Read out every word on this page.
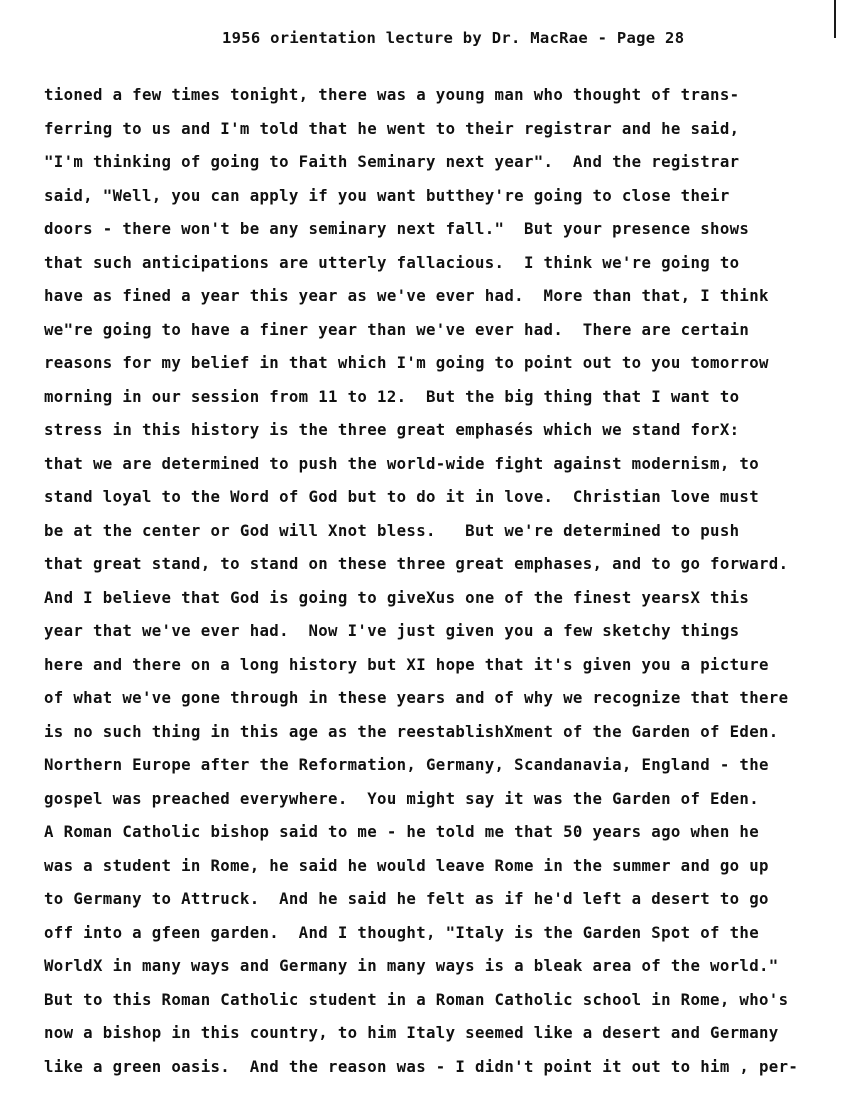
1956 orientation lecture by Dr. MacRae - Page 28
tioned a few times tonight, there was a young man who thought of trans-
ferring to us and I'm told that he went to their registrar and he said,
"I'm thinking of going to Faith Seminary next year".  And the registrar
said, "Well, you can apply if you want butthey're going to close their
doors - there won't be any seminary next fall."  But your presence shows
that such anticipations are utterly fallacious.  I think we're going to
have as fined a year this year as we've ever had.  More than that, I think
we"re going to have a finer year than we've ever had.  There are certain
reasons for my belief in that which I'm going to point out to you tomorrow
morning in our session from 11 to 12.  But the big thing that I want to
stress in this history is the three great emphasés which we stand forX:
that we are determined to push the world-wide fight against modernism, to
stand loyal to the Word of God but to do it in love.  Christian love must
be at the center or God will Xnot bless.   But we're determined to push
that great stand, to stand on these three great emphases, and to go forward.
And I believe that God is going to giveXus one of the finest yearsX this
year that we've ever had.  Now I've just given you a few sketchy things
here and there on a long history but XI hope that it's given you a picture
of what we've gone through in these years and of why we recognize that there
is no such thing in this age as the reestablishXment of the Garden of Eden.
Northern Europe after the Reformation, Germany, Scandanavia, England - the
gospel was preached everywhere.  You might say it was the Garden of Eden.
A Roman Catholic bishop said to me - he told me that 50 years ago when he
was a student in Rome, he said he would leave Rome in the summer and go up
to Germany to Attruck.  And he said he felt as if he'd left a desert to go
off into a gfeen garden.  And I thought, "Italy is the Garden Spot of the
WorldX in many ways and Germany in many ways is a bleak area of the world."
But to this Roman Catholic student in a Roman Catholic school in Rome, who's
now a bishop in this country, to him Italy seemed like a desert and Germany
like a green oasis.  And the reason was - I didn't point it out to him , per-
